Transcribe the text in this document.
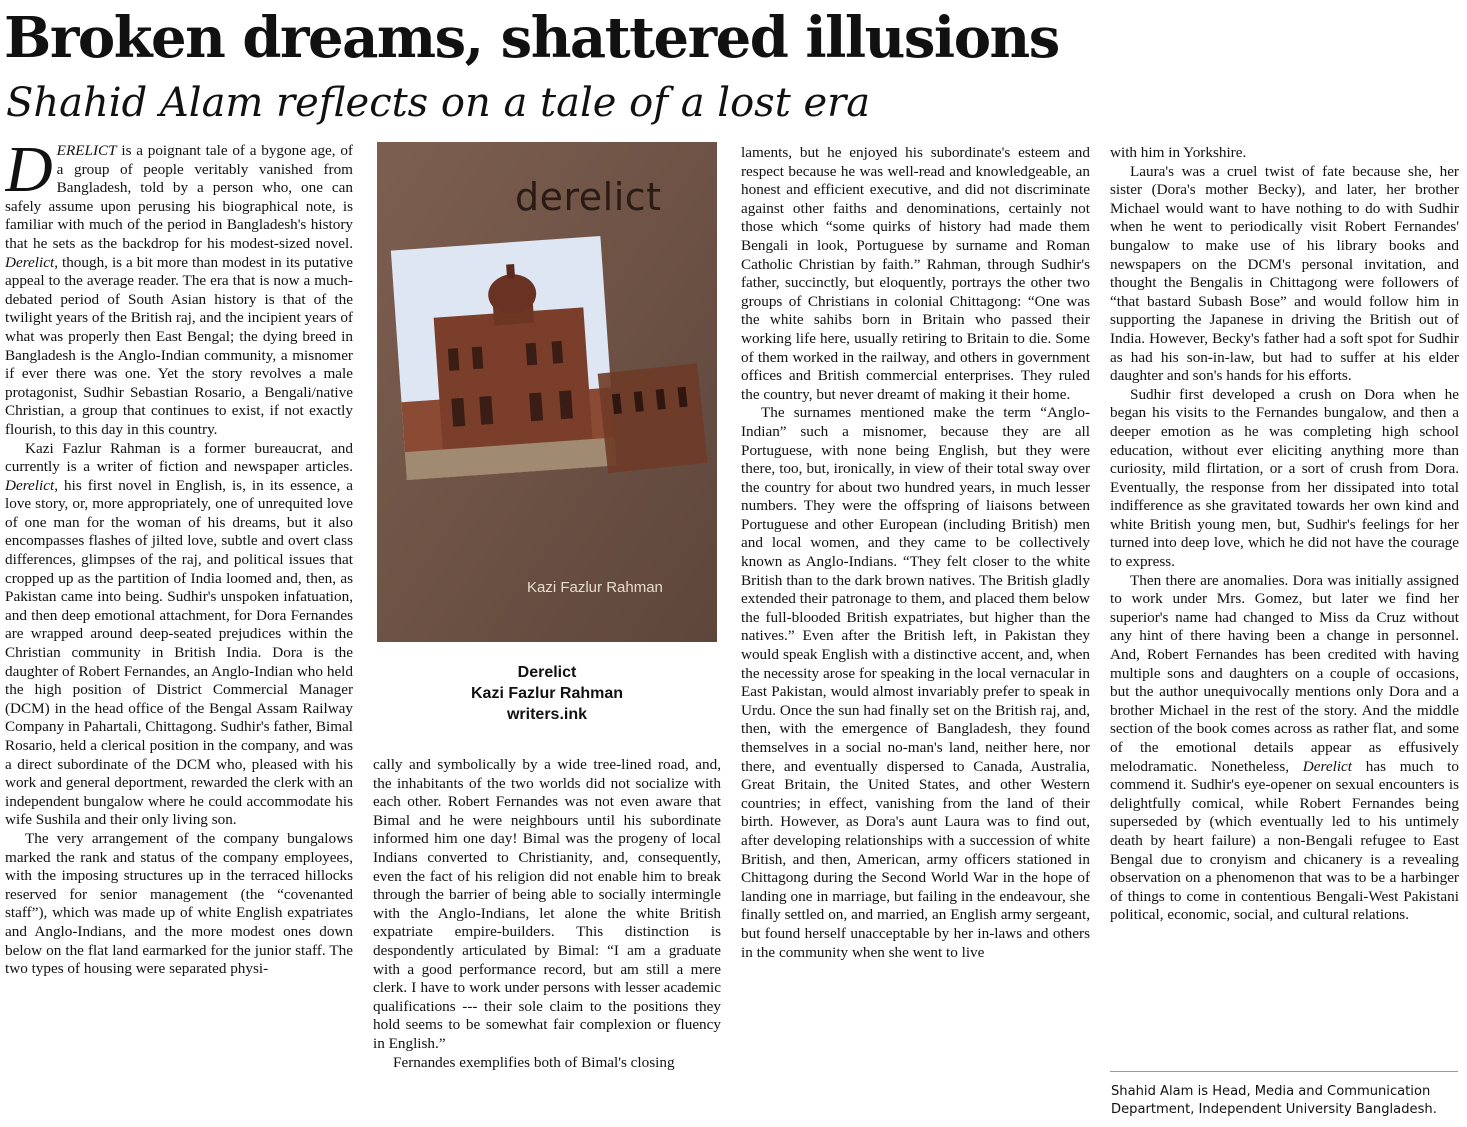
Broken dreams, shattered illusions
Shahid Alam reflects on a tale of a lost era

DERELICT is a poignant tale of a bygone age, of a group of people veritably vanished from Bangladesh, told by a person who, one can safely assume upon perusing his biographical note, is familiar with much of the period in Bangladesh's history that he sets as the backdrop for his modest-sized novel. Derelict, though, is a bit more than modest in its putative appeal to the average reader. The era that is now a much-debated period of South Asian history is that of the twilight years of the British raj, and the incipient years of what was properly then East Bengal; the dying breed in Bangladesh is the Anglo-Indian community, a misnomer if ever there was one. Yet the story revolves a male protagonist, Sudhir Sebastian Rosario, a Bengali/native Christian, a group that continues to exist, if not exactly flourish, to this day in this country.

Kazi Fazlur Rahman is a former bureaucrat, and currently is a writer of fiction and newspaper articles. Derelict, his first novel in English, is, in its essence, a love story, or, more appropriately, one of unrequited love of one man for the woman of his dreams, but it also encompasses flashes of jilted love, subtle and overt class differences, glimpses of the raj, and political issues that cropped up as the partition of India loomed and, then, as Pakistan came into being. Sudhir's unspoken infatuation, and then deep emotional attachment, for Dora Fernandes are wrapped around deep-seated prejudices within the Christian community in British India. Dora is the daughter of Robert Fernandes, an Anglo-Indian who held the high position of District Commercial Manager (DCM) in the head office of the Bengal Assam Railway Company in Pahartali, Chittagong. Sudhir's father, Bimal Rosario, held a clerical position in the company, and was a direct subordinate of the DCM who, pleased with his work and general deportment, rewarded the clerk with an independent bungalow where he could accommodate his wife Sushila and their only living son.

The very arrangement of the company bungalows marked the rank and status of the company employees, with the imposing structures up in the terraced hillocks reserved for senior management (the “covenanted staff”), which was made up of white English expatriates and Anglo-Indians, and the more modest ones down below on the flat land earmarked for the junior staff. The two types of housing were separated physi-

derelict
Kazi Fazlur Rahman
Derelict
Kazi Fazlur Rahman
writers.ink

cally and symbolically by a wide tree-lined road, and, the inhabitants of the two worlds did not socialize with each other. Robert Fernandes was not even aware that Bimal and he were neighbours until his subordinate informed him one day! Bimal was the progeny of local Indians converted to Christianity, and, consequently, even the fact of his religion did not enable him to break through the barrier of being able to socially intermingle with the Anglo-Indians, let alone the white British expatriate empire-builders. This distinction is despondently articulated by Bimal: “I am a graduate with a good performance record, but am still a mere clerk. I have to work under persons with lesser academic qualifications --- their sole claim to the positions they hold seems to be somewhat fair complexion or fluency in English.”

Fernandes exemplifies both of Bimal's closing

laments, but he enjoyed his subordinate's esteem and respect because he was well-read and knowledgeable, an honest and efficient executive, and did not discriminate against other faiths and denominations, certainly not those which “some quirks of history had made them Bengali in look, Portuguese by surname and Roman Catholic Christian by faith.” Rahman, through Sudhir's father, succinctly, but eloquently, portrays the other two groups of Christians in colonial Chittagong: “One was the white sahibs born in Britain who passed their working life here, usually retiring to Britain to die. Some of them worked in the railway, and others in government offices and British commercial enterprises. They ruled the country, but never dreamt of making it their home.

The surnames mentioned make the term “Anglo-Indian” such a misnomer, because they are all Portuguese, with none being English, but they were there, too, but, ironically, in view of their total sway over the country for about two hundred years, in much lesser numbers. They were the offspring of liaisons between Portuguese and other European (including British) men and local women, and they came to be collectively known as Anglo-Indians. “They felt closer to the white British than to the dark brown natives. The British gladly extended their patronage to them, and placed them below the full-blooded British expatriates, but higher than the natives.” Even after the British left, in Pakistan they would speak English with a distinctive accent, and, when the necessity arose for speaking in the local vernacular in East Pakistan, would almost invariably prefer to speak in Urdu. Once the sun had finally set on the British raj, and, then, with the emergence of Bangladesh, they found themselves in a social no-man's land, neither here, nor there, and eventually dispersed to Canada, Australia, Great Britain, the United States, and other Western countries; in effect, vanishing from the land of their birth. However, as Dora's aunt Laura was to find out, after developing relationships with a succession of white British, and then, American, army officers stationed in Chittagong during the Second World War in the hope of landing one in marriage, but failing in the endeavour, she finally settled on, and married, an English army sergeant, but found herself unacceptable by her in-laws and others in the community when she went to live

with him in Yorkshire.

Laura's was a cruel twist of fate because she, her sister (Dora's mother Becky), and later, her brother Michael would want to have nothing to do with Sudhir when he went to periodically visit Robert Fernandes' bungalow to make use of his library books and newspapers on the DCM's personal invitation, and thought the Bengalis in Chittagong were followers of “that bastard Subash Bose” and would follow him in supporting the Japanese in driving the British out of India. However, Becky's father had a soft spot for Sudhir as had his son-in-law, but had to suffer at his elder daughter and son's hands for his efforts.

Sudhir first developed a crush on Dora when he began his visits to the Fernandes bungalow, and then a deeper emotion as he was completing high school education, without ever eliciting anything more than curiosity, mild flirtation, or a sort of crush from Dora. Eventually, the response from her dissipated into total indifference as she gravitated towards her own kind and white British young men, but, Sudhir's feelings for her turned into deep love, which he did not have the courage to express.

Then there are anomalies. Dora was initially assigned to work under Mrs. Gomez, but later we find her superior's name had changed to Miss da Cruz without any hint of there having been a change in personnel. And, Robert Fernandes has been credited with having multiple sons and daughters on a couple of occasions, but the author unequivocally mentions only Dora and a brother Michael in the rest of the story. And the middle section of the book comes across as rather flat, and some of the emotional details appear as effusively melodramatic. Nonetheless, Derelict has much to commend it. Sudhir's eye-opener on sexual encounters is delightfully comical, while Robert Fernandes being superseded by (which eventually led to his untimely death by heart failure) a non-Bengali refugee to East Bengal due to cronyism and chicanery is a revealing observation on a phenomenon that was to be a harbinger of things to come in contentious Bengali-West Pakistani political, economic, social, and cultural relations.

Shahid Alam is Head, Media and Communication Department, Independent University Bangladesh.
